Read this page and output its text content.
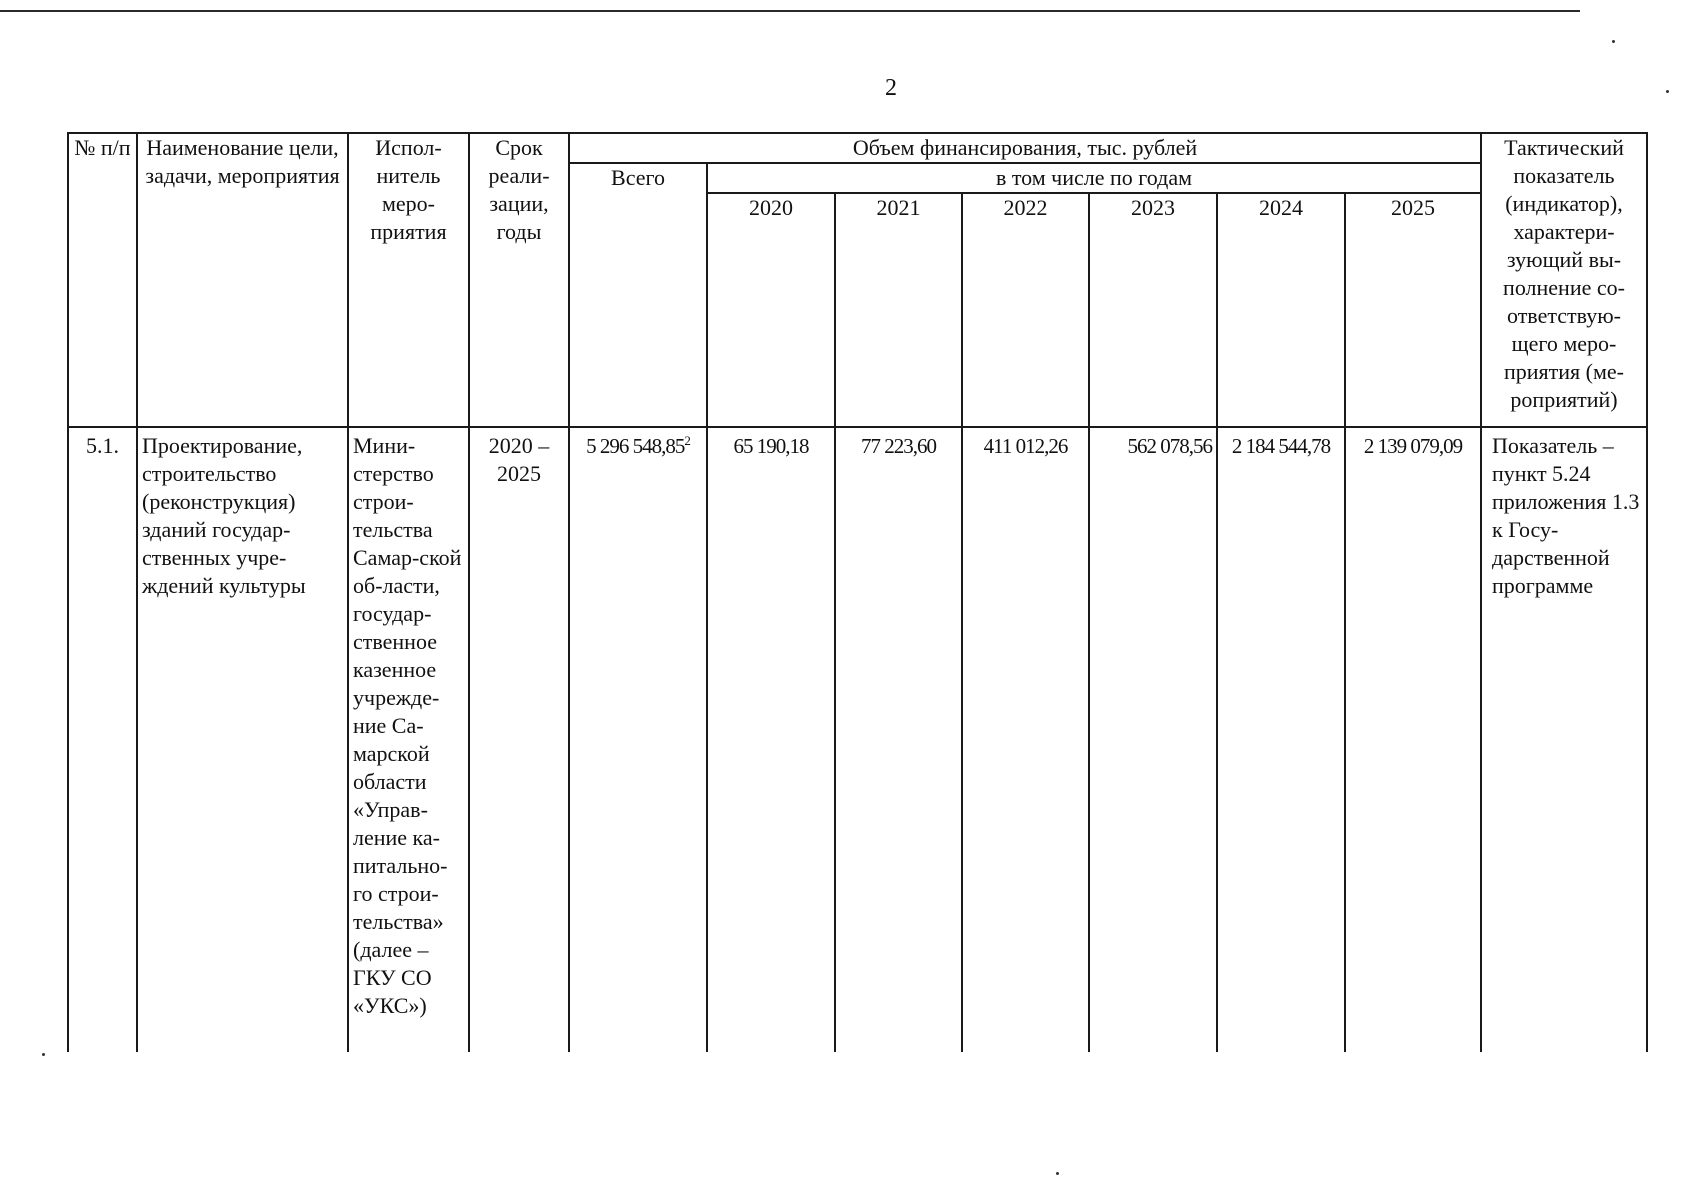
2
№ п/п	Наименование цели, задачи, мероприятия	Испол-нитель меро-приятия	Срок реали-зации, годы	Объем финансирования, тыс. рублей							Тактический показатель (индикатор), характери-зующий вы-полнение со-ответствую-щего меро-приятия (ме-роприятий)
				Всего	в том числе по годам						
					2020	2021	2022	2023	2024	2025	
5.1.	Проектирование, строительство (реконструкция) зданий государ-ственных учре-ждений культуры	Мини-стерство строи-тельства Самар-ской об-ласти, государ-ственное казенное учрежде-ние Са-марской области «Управ-ление ка-питально-го строи-тельства» (далее – ГКУ СО «УКС»)	2020 – 2025	5 296 548,85$^2$	65 190,18	77 223,60	411 012,26	562 078,56	2 184 544,78	2 139 079,09	Показатель – пункт 5.24 приложения 1.3 к Госу-дарственной программе
